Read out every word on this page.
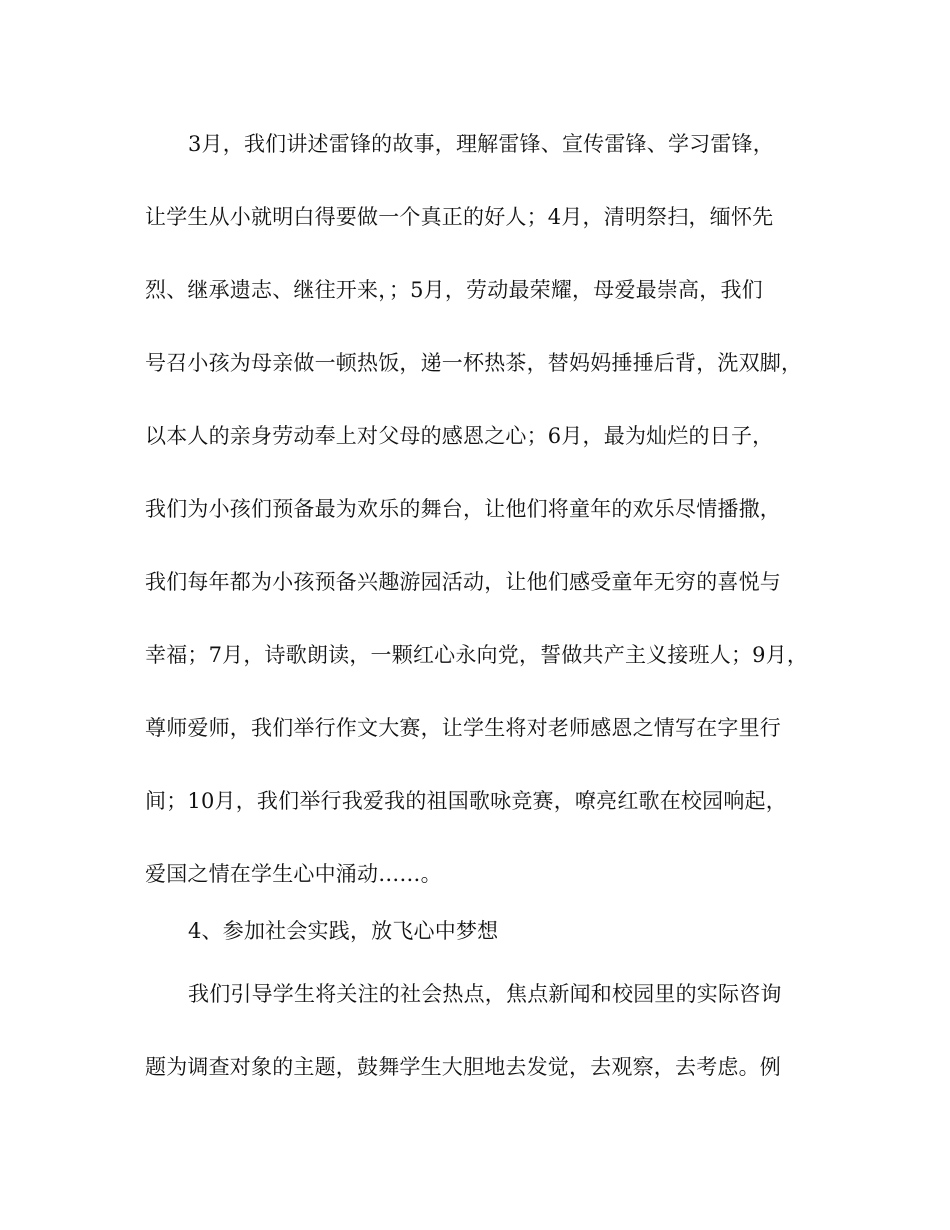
3月，我们讲述雷锋的故事，理解雷锋、宣传雷锋、学习雷锋，
让学生从小就明白得要做一个真正的好人；4月，清明祭扫，缅怀先
烈、继承遗志、继往开来，；5月，劳动最荣耀，母爱最崇高，我们
号召小孩为母亲做一顿热饭，递一杯热茶，替妈妈捶捶后背，洗双脚，
以本人的亲身劳动奉上对父母的感恩之心；6月，最为灿烂的日子，
我们为小孩们预备最为欢乐的舞台，让他们将童年的欢乐尽情播撒，
我们每年都为小孩预备兴趣游园活动，让他们感受童年无穷的喜悦与
幸福；7月，诗歌朗读，一颗红心永向党，誓做共产主义接班人；9月，
尊师爱师，我们举行作文大赛，让学生将对老师感恩之情写在字里行
间；10月，我们举行我爱我的祖国歌咏竞赛，嘹亮红歌在校园响起，
爱国之情在学生心中涌动……。
4、参加社会实践，放飞心中梦想
我们引导学生将关注的社会热点，焦点新闻和校园里的实际咨询
题为调查对象的主题，鼓舞学生大胆地去发觉，去观察，去考虑。例
